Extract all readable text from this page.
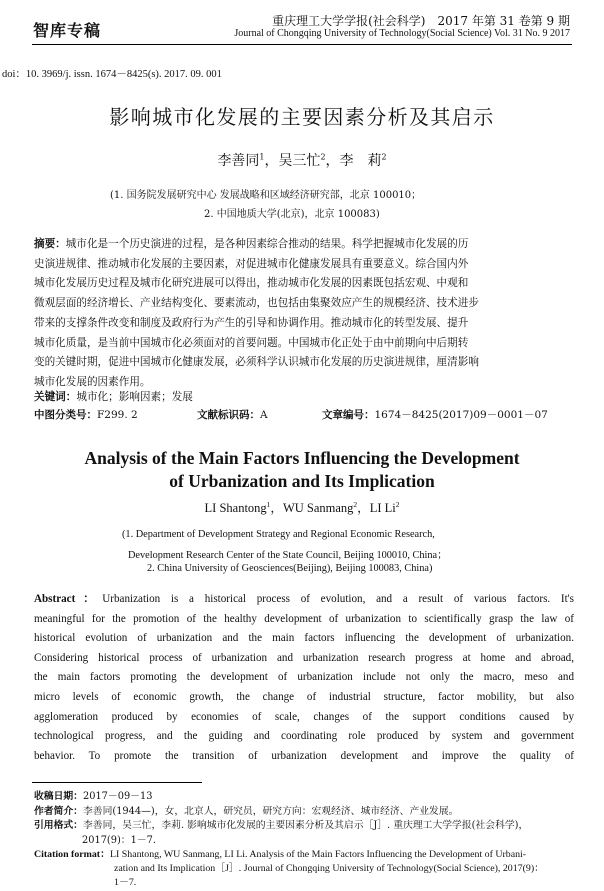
智库专稿	重庆理工大学学报(社会科学)　2017 年第 31 卷第 9 期
Journal of Chongqing University of Technology(Social Science) Vol. 31 No. 9 2017
doi：10. 3969/j. issn. 1674－8425(s). 2017. 09. 001
影响城市化发展的主要因素分析及其启示
李善同$^1$，吴三忙$^2$，李　莉$^2$
(1. 国务院发展研究中心 发展战略和区域经济研究部，北京 100010；
2. 中国地质大学(北京)，北京 100083)
摘要：城市化是一个历史演进的过程，是各种因素综合推动的结果。科学把握城市化发展的历
史演进规律、推动城市化发展的主要因素，对促进城市化健康发展具有重要意义。综合国内外
城市化发展历史过程及城市化研究进展可以得出，推动城市化发展的因素既包括宏观、中观和
微观层面的经济增长、产业结构变化、要素流动，也包括由集聚效应产生的规模经济、技术进步
带来的支撑条件改变和制度及政府行为产生的引导和协调作用。推动城市化的转型发展、提升
城市化质量，是当前中国城市化必须面对的首要问题。中国城市化正处于由中前期向中后期转
变的关键时期，促进中国城市化健康发展，必须科学认识城市化发展的历史演进规律，厘清影响
城市化发展的因素作用。
关键词：城市化；影响因素；发展
中图分类号：F299. 2	文献标识码：A	文章编号：1674－8425(2017)09－0001－07
Analysis of the Main Factors Influencing the Development
of Urbanization and Its Implication
LI Shantong$^1$，WU Sanmang$^2$，LI Li$^2$
(1. Department of Development Strategy and Regional Economic Research,
Development Research Center of the State Council, Beijing 100010, China；
2. China University of Geosciences(Beijing), Beijing 100083, China)
Abstract：Urbanization is a historical process of evolution, and a result of various factors. It's
meaningful for the promotion of the healthy development of urbanization to scientifically grasp the law of
historical evolution of urbanization and the main factors influencing the development of urbanization.
Considering historical process of urbanization and urbanization research progress at home and abroad,
the main factors promoting the development of urbanization include not only the macro, meso and
micro levels of economic growth, the change of industrial structure, factor mobility, but also
agglomeration produced by economies of scale, changes of the support conditions caused by
technological progress, and the guiding and coordinating role produced by system and government
behavior. To promote the transition of urbanization development and improve the quality of
收稿日期：2017－09－13
作者简介：李善同(1944—)，女，北京人，研究员，研究方向：宏观经济、城市经济、产业发展。
引用格式：李善同，吴三忙，李莉. 影响城市化发展的主要因素分析及其启示［J］. 重庆理工大学学报(社会科学)，
2017(9)：1－7.
Citation format：LI Shantong, WU Sanmang, LI Li. Analysis of the Main Factors Influencing the Development of Urbani-
zation and Its Implication［J］. Journal of Chongqing University of Technology(Social Science), 2017(9)：
1－7.
